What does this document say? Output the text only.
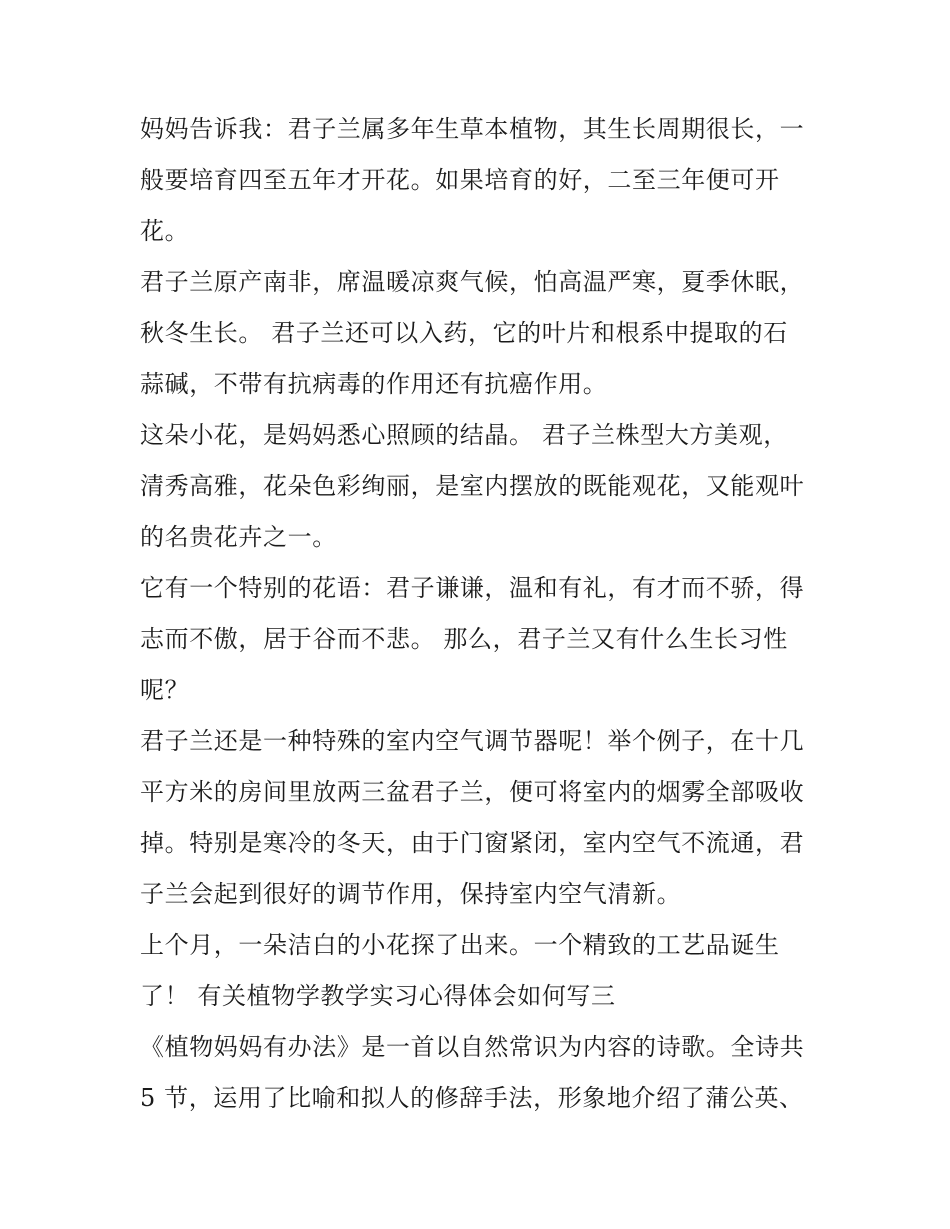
妈妈告诉我：君子兰属多年生草本植物，其生长周期很长，一
般要培育四至五年才开花。如果培育的好，二至三年便可开
花。
君子兰原产南非，席温暖凉爽气候，怕高温严寒，夏季休眠，
秋冬生长。 君子兰还可以入药，它的叶片和根系中提取的石
蒜碱，不带有抗病毒的作用还有抗癌作用。
这朵小花，是妈妈悉心照顾的结晶。 君子兰株型大方美观，
清秀高雅，花朵色彩绚丽，是室内摆放的既能观花，又能观叶
的名贵花卉之一。
它有一个特别的花语：君子谦谦，温和有礼，有才而不骄，得
志而不傲，居于谷而不悲。 那么，君子兰又有什么生长习性
呢？
君子兰还是一种特殊的室内空气调节器呢！举个例子，在十几
平方米的房间里放两三盆君子兰，便可将室内的烟雾全部吸收
掉。特别是寒冷的冬天，由于门窗紧闭，室内空气不流通，君
子兰会起到很好的调节作用，保持室内空气清新。
上个月，一朵洁白的小花探了出来。一个精致的工艺品诞生
了！ 有关植物学教学实习心得体会如何写三
《植物妈妈有办法》是一首以自然常识为内容的诗歌。全诗共
5 节，运用了比喻和拟人的修辞手法，形象地介绍了蒲公英、
